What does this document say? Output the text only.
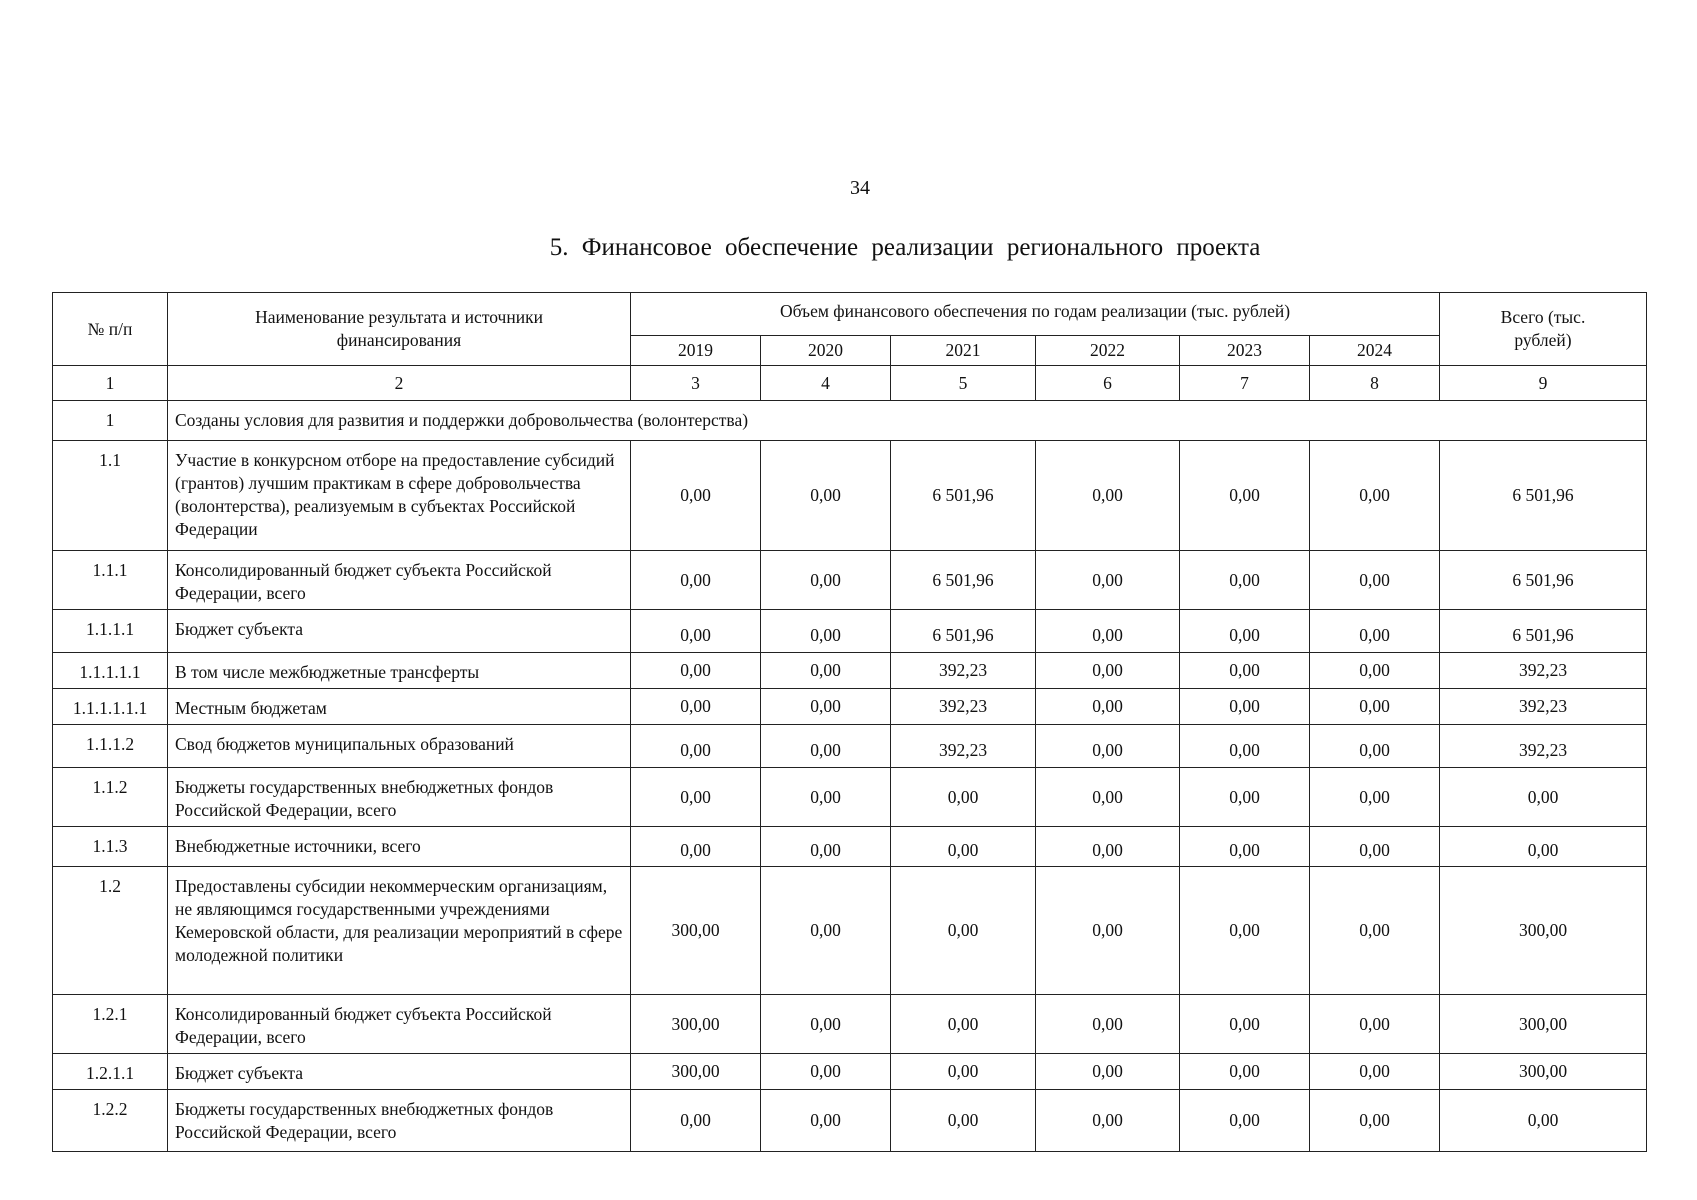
34
5. Финансовое обеспечение реализации регионального проекта
№ п/п	Наименование результата и источники финансирования	Объем финансового обеспечения по годам реализации (тыс. рублей)						Всего (тыс. рублей)
		2019	2020	2021	2022	2023	2024	
1	2	3	4	5	6	7	8	9
1	Созданы условия для развития и поддержки добровольчества (волонтерства)							
1.1	Участие в конкурсном отборе на предоставление субсидий (грантов) лучшим практикам в сфере добровольчества (волонтерства), реализуемым в субъектах Российской Федерации	0,00	0,00	6 501,96	0,00	0,00	0,00	6 501,96
1.1.1	Консолидированный бюджет субъекта Российской Федерации, всего	0,00	0,00	6 501,96	0,00	0,00	0,00	6 501,96
1.1.1.1	Бюджет субъекта	0,00	0,00	6 501,96	0,00	0,00	0,00	6 501,96
1.1.1.1.1	В том числе межбюджетные трансферты	0,00	0,00	392,23	0,00	0,00	0,00	392,23
1.1.1.1.1.1	Местным бюджетам	0,00	0,00	392,23	0,00	0,00	0,00	392,23
1.1.1.2	Свод бюджетов муниципальных образований	0,00	0,00	392,23	0,00	0,00	0,00	392,23
1.1.2	Бюджеты государственных внебюджетных фондов Российской Федерации, всего	0,00	0,00	0,00	0,00	0,00	0,00	0,00
1.1.3	Внебюджетные источники, всего	0,00	0,00	0,00	0,00	0,00	0,00	0,00
1.2	Предоставлены субсидии некоммерческим организациям, не являющимся государственными учреждениями Кемеровской области, для реализации мероприятий в сфере молодежной политики	300,00	0,00	0,00	0,00	0,00	0,00	300,00
1.2.1	Консолидированный бюджет субъекта Российской Федерации, всего	300,00	0,00	0,00	0,00	0,00	0,00	300,00
1.2.1.1	Бюджет субъекта	300,00	0,00	0,00	0,00	0,00	0,00	300,00
1.2.2	Бюджеты государственных внебюджетных фондов Российской Федерации, всего	0,00	0,00	0,00	0,00	0,00	0,00	0,00
